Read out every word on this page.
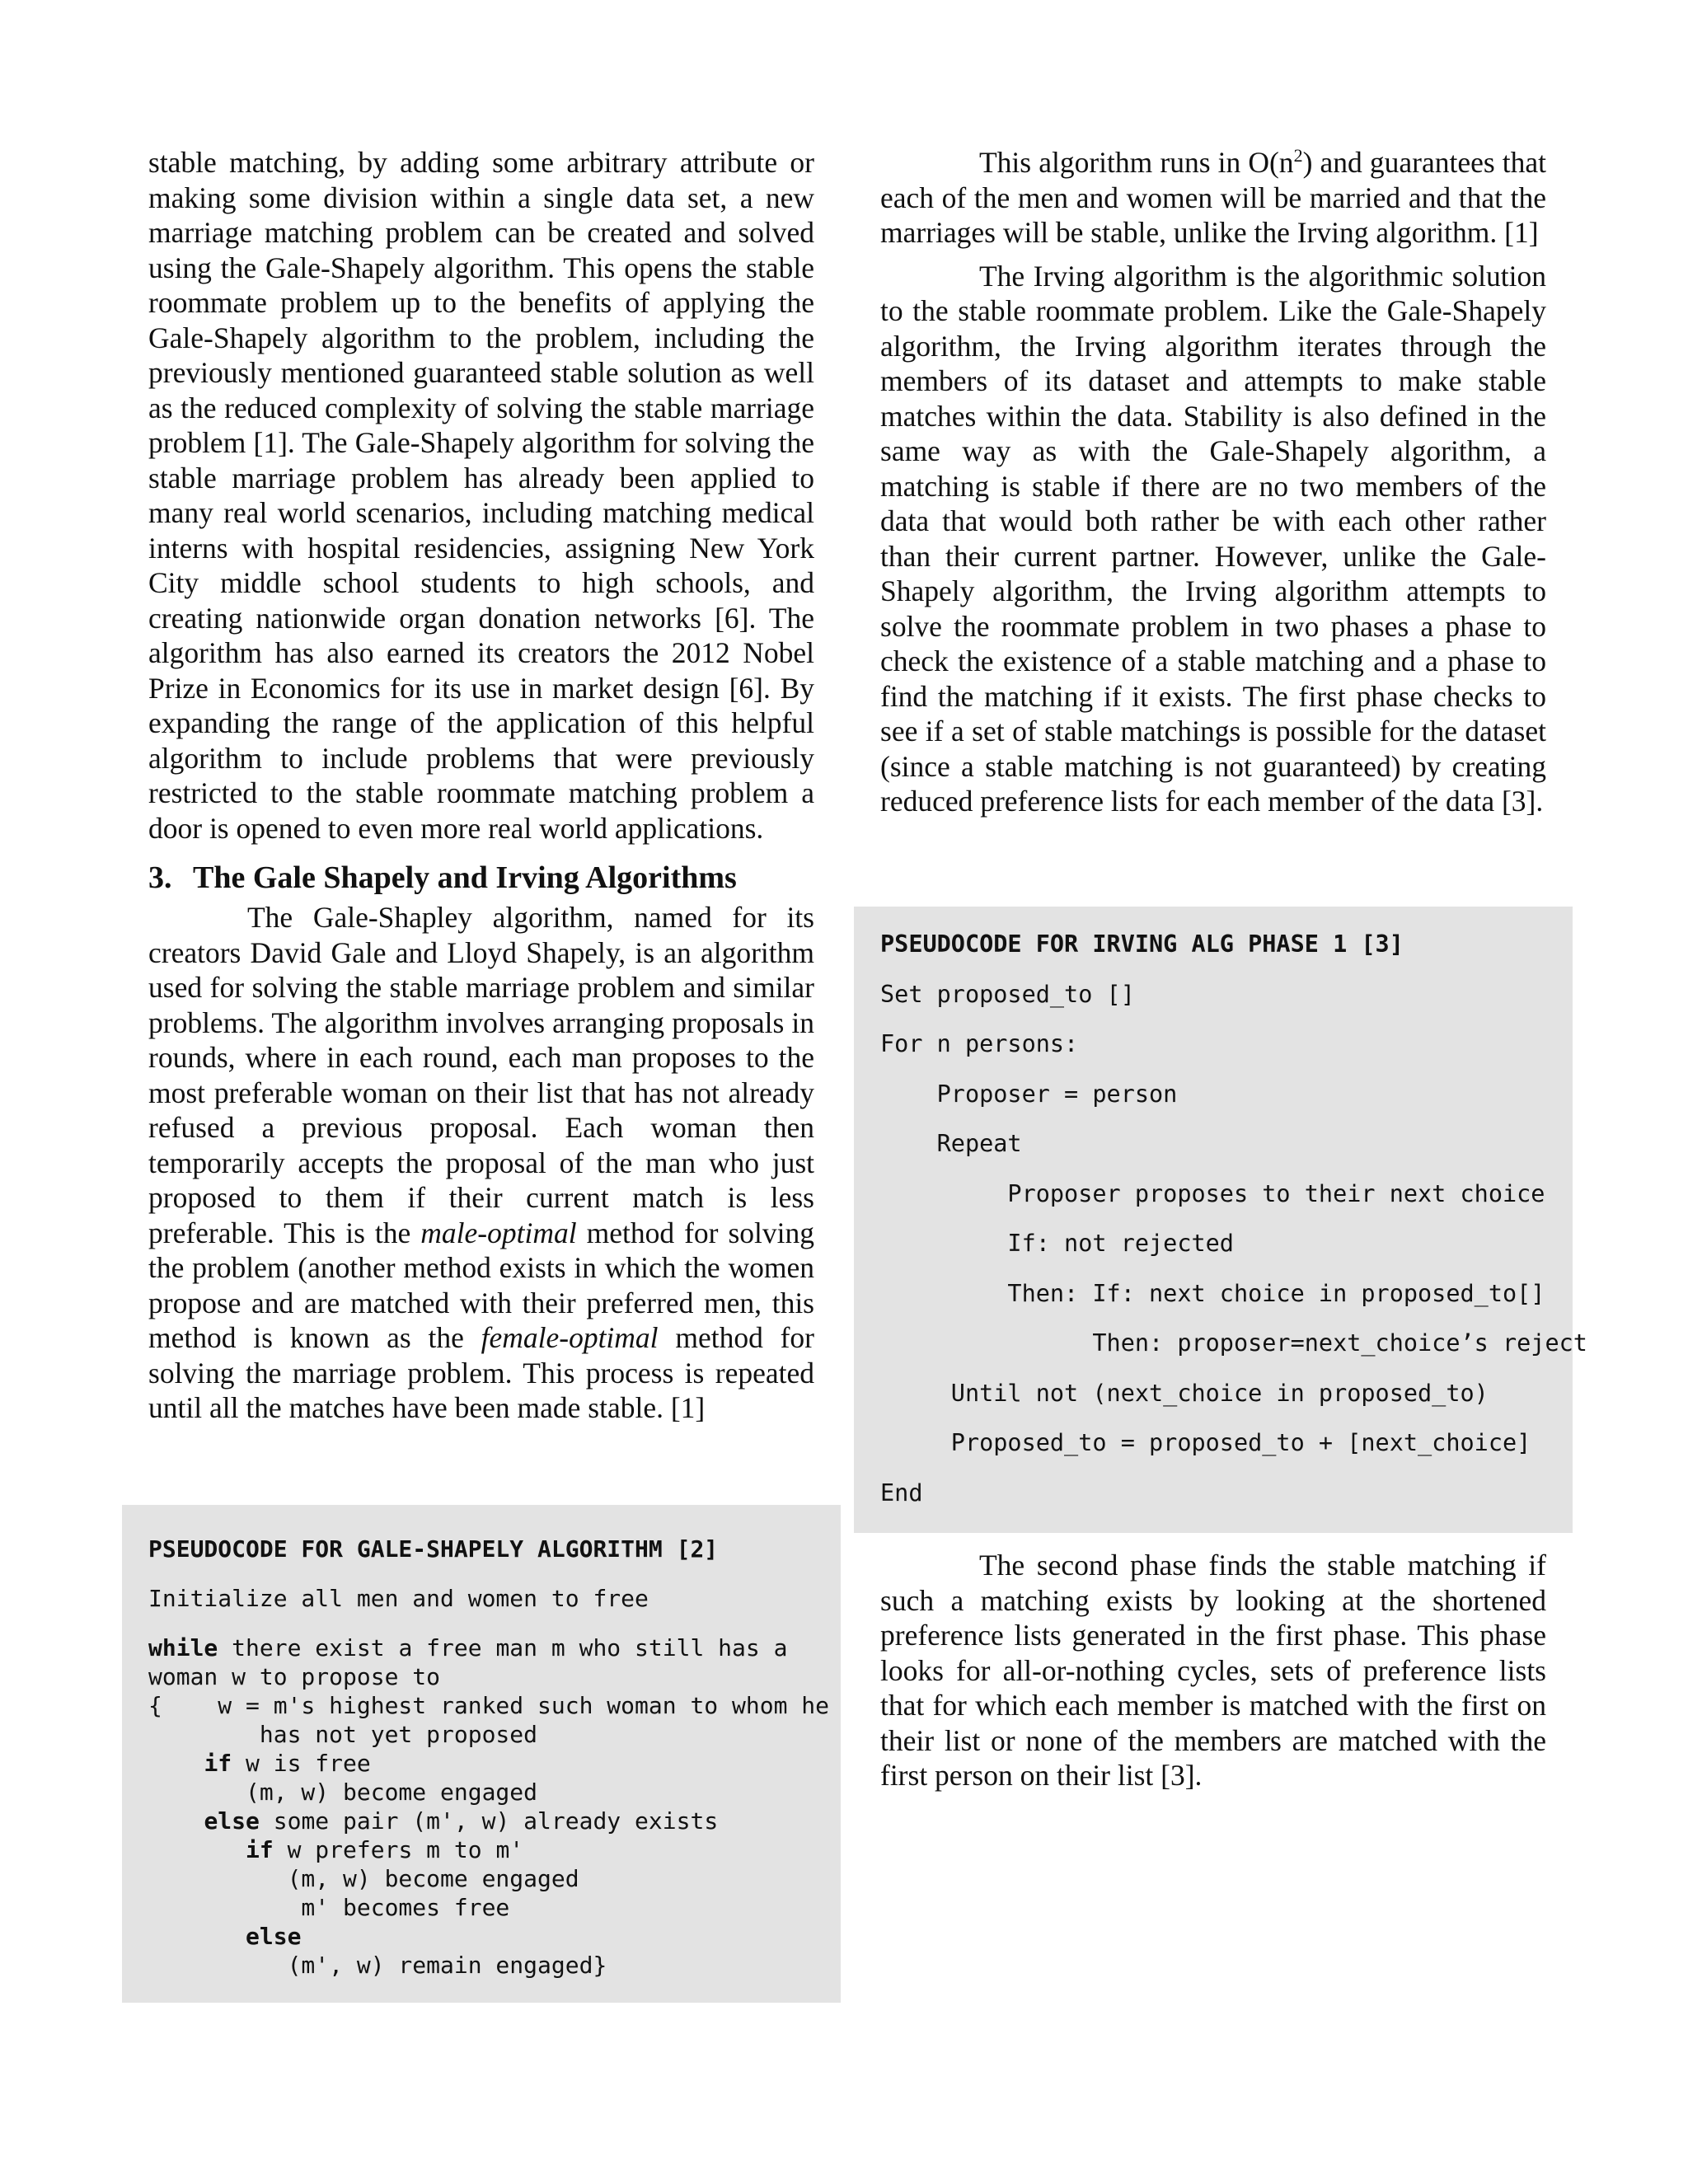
stable matching, by adding some arbitrary attribute or making some division within a single data set, a new marriage matching problem can be created and solved using the Gale-Shapely algorithm. This opens the stable roommate problem up to the benefits of applying the Gale-Shapely algorithm to the problem, including the previously mentioned guaranteed stable solution as well as the reduced complexity of solving the stable marriage problem [1]. The Gale-Shapely algorithm for solving the stable marriage problem has already been applied to many real world scenarios, including matching medical interns with hospital residencies, assigning New York City middle school students to high schools, and creating nationwide organ donation networks [6]. The algorithm has also earned its creators the 2012 Nobel Prize in Economics for its use in market design [6]. By expanding the range of the application of this helpful algorithm to include problems that were previously restricted to the stable roommate matching problem a door is opened to even more real world applications.

3. The Gale Shapely and Irving Algorithms

The Gale-Shapley algorithm, named for its creators David Gale and Lloyd Shapely, is an algorithm used for solving the stable marriage problem and similar problems. The algorithm involves arranging proposals in rounds, where in each round, each man proposes to the most preferable woman on their list that has not already refused a previous proposal. Each woman then temporarily accepts the proposal of the man who just proposed to them if their current match is less preferable. This is the male-optimal method for solving the problem (another method exists in which the women propose and are matched with their preferred men, this method is known as the female-optimal method for solving the marriage problem. This process is repeated until all the matches have been made stable. [1]

PSEUDOCODE FOR GALE-SHAPELY ALGORITHM [2]
Initialize all men and women to free
while there exist a free man m who still has a
woman w to propose to
{    w = m's highest ranked such woman to whom he
has not yet proposed
if w is free
(m, w) become engaged
else some pair (m', w) already exists
if w prefers m to m'
(m, w) become engaged
m' becomes free
else
(m', w) remain engaged}

This algorithm runs in $O(n^2)$ and guarantees that each of the men and women will be married and that the marriages will be stable, unlike the Irving algorithm. [1]

The Irving algorithm is the algorithmic solution to the stable roommate problem. Like the Gale-Shapely algorithm, the Irving algorithm iterates through the members of its dataset and attempts to make stable matches within the data. Stability is also defined in the same way as with the Gale-Shapely algorithm, a matching is stable if there are no two members of the data that would both rather be with each other rather than their current partner. However, unlike the Gale-Shapely algorithm, the Irving algorithm attempts to solve the roommate problem in two phases a phase to check the existence of a stable matching and a phase to find the matching if it exists. The first phase checks to see if a set of stable matchings is possible for the dataset (since a stable matching is not guaranteed) by creating reduced preference lists for each member of the data [3].

PSEUDOCODE FOR IRVING ALG PHASE 1 [3]
Set proposed_to []
For n persons:
Proposer = person
Repeat
Proposer proposes to their next choice
If: not rejected
Then: If: next choice in proposed_to[]
Then: proposer=next_choice’s reject
Until not (next_choice in proposed_to)
Proposed_to = proposed_to + [next_choice]
End

The second phase finds the stable matching if such a matching exists by looking at the shortened preference lists generated in the first phase. This phase looks for all-or-nothing cycles, sets of preference lists that for which each member is matched with the first on their list or none of the members are matched with the first person on their list [3].
